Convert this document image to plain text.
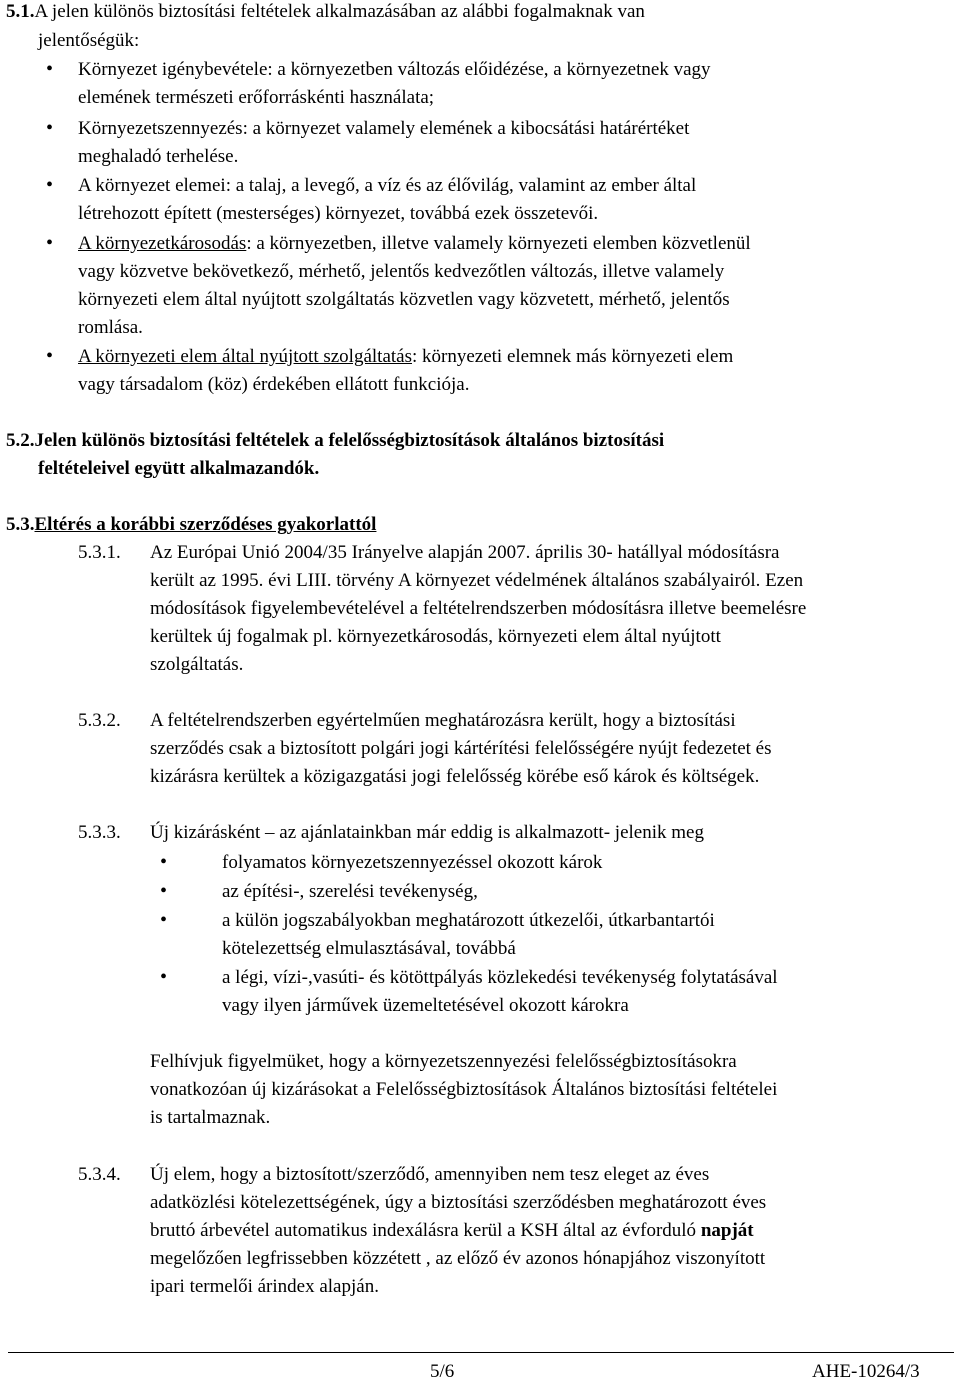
5.1.A jelen különös biztosítási feltételek alkalmazásában az alábbi fogalmaknak van
jelentőségük:
• Környezet igénybevétele: a környezetben változás előidézése, a környezetnek vagy
elemének természeti erőforráskénti használata;
• Környezetszennyezés: a környezet valamely elemének a kibocsátási határértéket
meghaladó terhelése.
• A környezet elemei: a talaj, a levegő, a víz és az élővilág, valamint az ember által
létrehozott épített (mesterséges) környezet, továbbá ezek összetevői.
• A környezetkárosodás: a környezetben, illetve valamely környezeti elemben közvetlenül
vagy közvetve bekövetkező, mérhető, jelentős kedvezőtlen változás, illetve valamely
környezeti elem által nyújtott szolgáltatás közvetlen vagy közvetett, mérhető, jelentős
romlása.
• A környezeti elem által nyújtott szolgáltatás: környezeti elemnek más környezeti elem
vagy társadalom (köz) érdekében ellátott funkciója.
5.2.Jelen különös biztosítási feltételek a felelősségbiztosítások általános biztosítási
feltételeivel együtt alkalmazandók.
5.3.Eltérés a korábbi szerződéses gyakorlattól
5.3.1. Az Európai Unió 2004/35 Irányelve alapján 2007. április 30- hatállyal módosításra
került az 1995. évi LIII. törvény A környezet védelmének általános szabályairól. Ezen
módosítások figyelembevételével a feltételrendszerben módosításra illetve beemelésre
kerültek új fogalmak pl. környezetkárosodás, környezeti elem által nyújtott
szolgáltatás.
5.3.2. A feltételrendszerben egyértelműen meghatározásra került, hogy a biztosítási
szerződés csak a biztosított polgári jogi kártérítési felelősségére nyújt fedezetet és
kizárásra kerültek a közigazgatási jogi felelősség körébe eső károk és költségek.
5.3.3. Új kizárásként – az ajánlatainkban már eddig is alkalmazott- jelenik meg
•	folyamatos környezetszennyezéssel okozott károk
•	az építési-, szerelési tevékenység,
•	a külön jogszabályokban meghatározott útkezelői, útkarbantartói
kötelezettség elmulasztásával, továbbá
•	a légi, vízi-,vasúti- és kötöttpályás közlekedési tevékenység folytatásával
vagy ilyen járművek üzemeltetésével okozott károkra
Felhívjuk figyelmüket, hogy a környezetszennyezési felelősségbiztosításokra
vonatkozóan új kizárásokat a Felelősségbiztosítások Általános biztosítási feltételei
is tartalmaznak.
5.3.4. Új elem, hogy a biztosított/szerződő, amennyiben nem tesz eleget az éves
adatközlési kötelezettségének, úgy a biztosítási szerződésben meghatározott éves
bruttó árbevétel automatikus indexálásra kerül a KSH által az évforduló napját
megelőzően legfrissebben közzétett , az előző év azonos hónapjához viszonyított
ipari termelői árindex alapján.
5/6	AHE-10264/3
